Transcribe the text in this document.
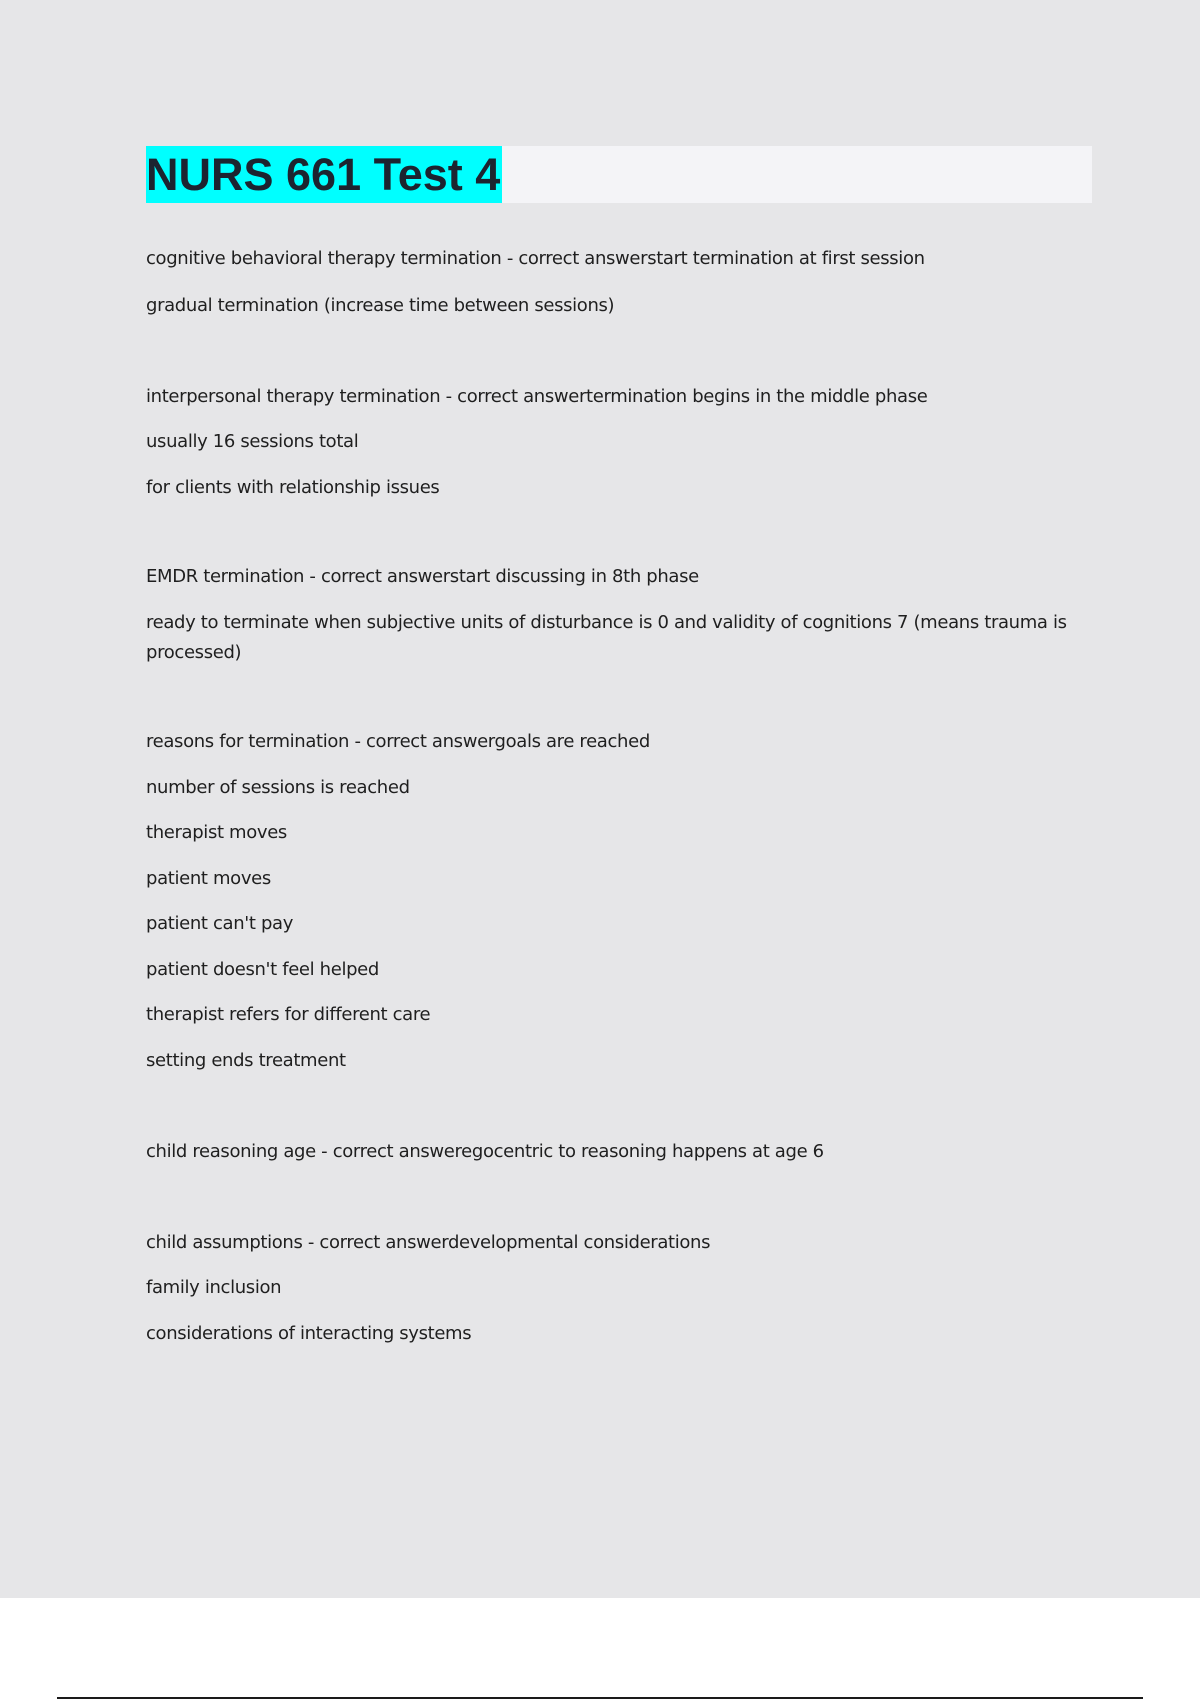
NURS 661 Test 4

cognitive behavioral therapy termination - correct answerstart termination at first session

gradual termination (increase time between sessions)

interpersonal therapy termination - correct answertermination begins in the middle phase

usually 16 sessions total

for clients with relationship issues

EMDR termination - correct answerstart discussing in 8th phase

ready to terminate when subjective units of disturbance is 0 and validity of cognitions 7 (means trauma is processed)

reasons for termination - correct answergoals are reached

number of sessions is reached

therapist moves

patient moves

patient can't pay

patient doesn't feel helped

therapist refers for different care

setting ends treatment

child reasoning age - correct answeregocentric to reasoning happens at age 6

child assumptions - correct answerdevelopmental considerations

family inclusion

considerations of interacting systems
